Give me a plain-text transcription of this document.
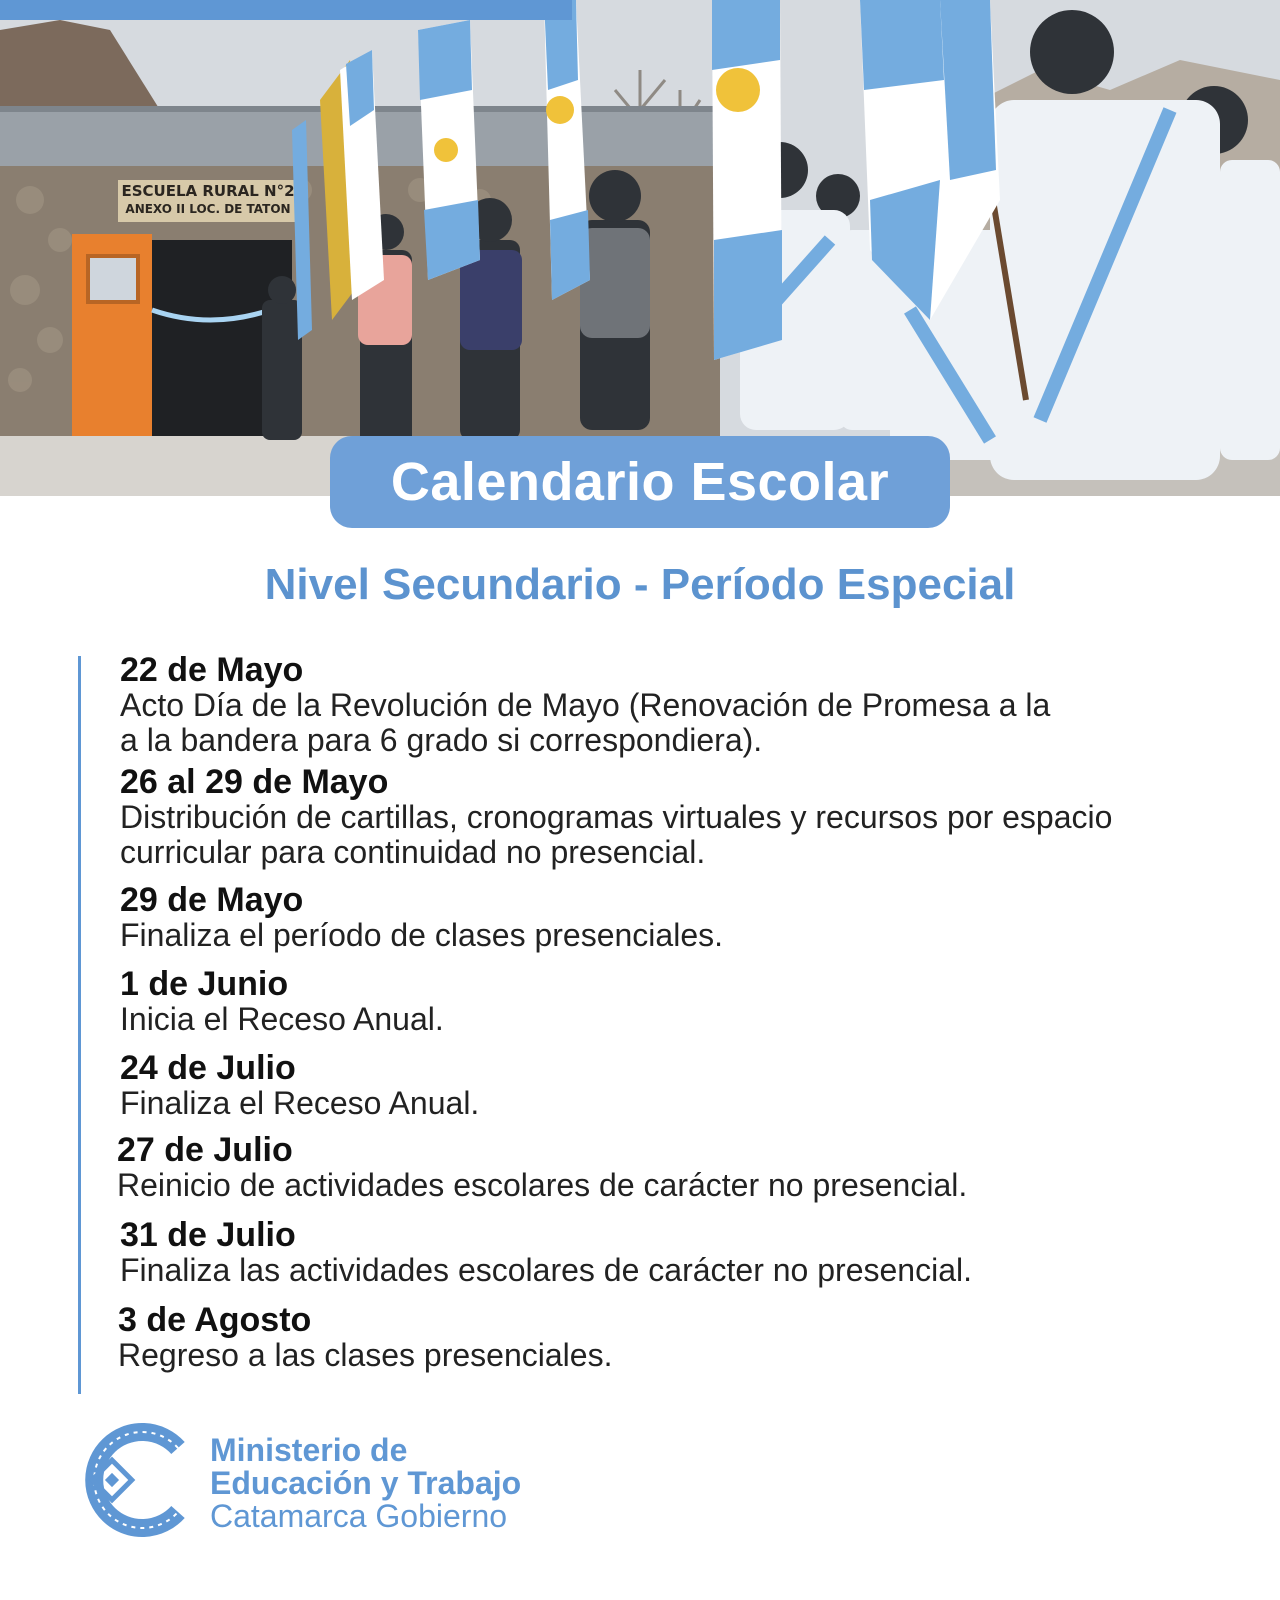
ESCUELA RURAL N°2
ANEXO II LOC. DE TATON
Calendario Escolar
Nivel Secundario - Período Especial
22 de Mayo
Acto Día de la Revolución de Mayo (Renovación de Promesa a la
a la bandera para 6 grado si correspondiera).
26 al 29 de Mayo
Distribución de cartillas, cronogramas virtuales y recursos por espacio
curricular para continuidad no presencial.
29 de Mayo
Finaliza el período de clases presenciales.
1 de Junio
Inicia el Receso Anual.
24 de Julio
Finaliza el Receso Anual.
27 de Julio
Reinicio de actividades escolares de carácter no presencial.
31 de Julio
Finaliza las actividades escolares de carácter no presencial.
3 de Agosto
Regreso a las clases presenciales.
Ministerio de
Educación y Trabajo
Catamarca Gobierno
